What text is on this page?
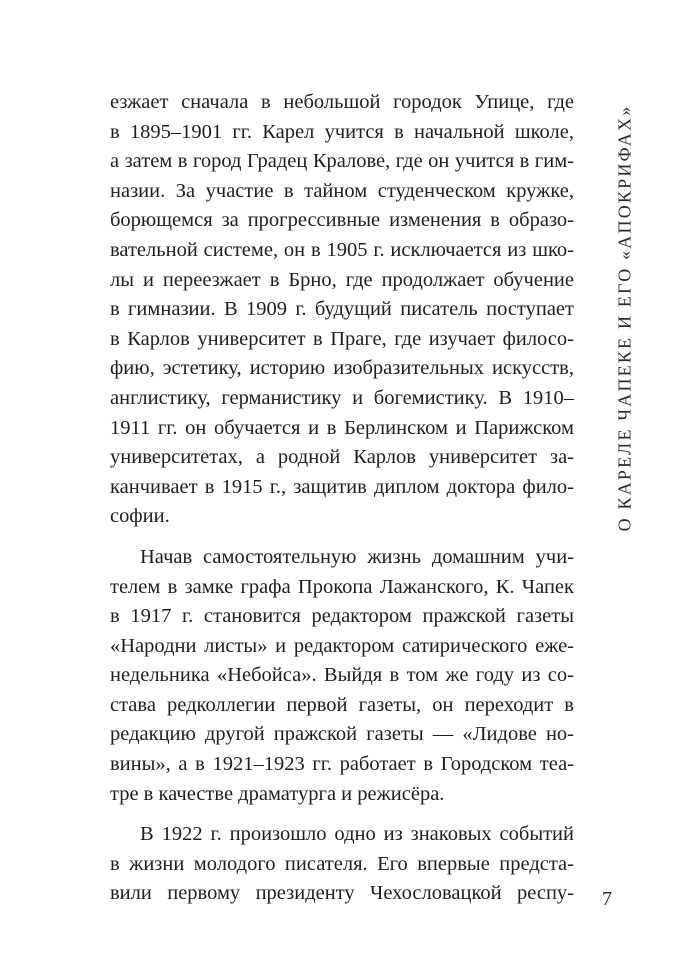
О КАРЕЛЕ ЧАПЕКЕ И ЕГО «АПОКРИФАХ»
езжает сначала в небольшой городок Упице, где
в 1895–1901 гг. Карел учится в начальной школе,
а затем в город Градец Кралове, где он учится в гим-
назии. За участие в тайном студенческом кружке,
борющемся за прогрессивные изменения в образо-
вательной системе, он в 1905 г. исключается из шко-
лы и переезжает в Брно, где продолжает обучение
в гимназии. В 1909 г. будущий писатель поступает
в Карлов университет в Праге, где изучает филосо-
фию, эстетику, историю изобразительных искусств,
англистику, германистику и богемистику. В 1910–
1911 гг. он обучается и в Берлинском и Парижском
университетах, а родной Карлов университет за-
канчивает в 1915 г., защитив диплом доктора фило-
софии.
Начав самостоятельную жизнь домашним учи-
телем в замке графа Прокопа Лажанского, К. Чапек
в 1917 г. становится редактором пражской газеты
«Народни листы» и редактором сатирического еже-
недельника «Небойса». Выйдя в том же году из со-
става редколлегии первой газеты, он переходит в
редакцию другой пражской газеты — «Лидове но-
вины», а в 1921–1923 гг. работает в Городском теа-
тре в качестве драматурга и режисёра.
В 1922 г. произошло одно из знаковых событий
в жизни молодого писателя. Его впервые предста-
вили первому президенту Чехословацкой респу- 7
